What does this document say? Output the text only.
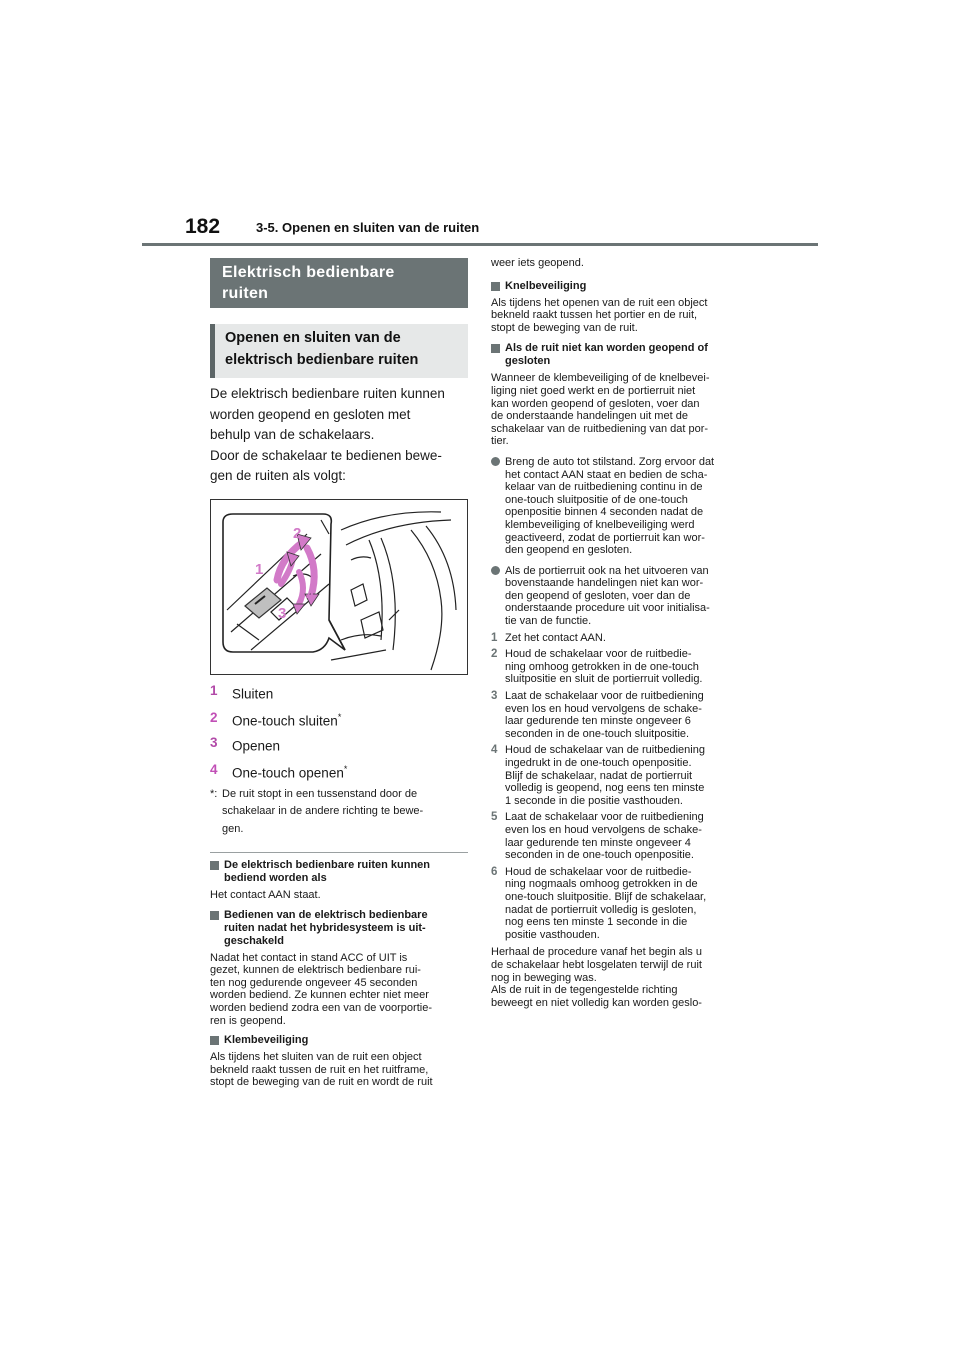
182	3-5. Openen en sluiten van de ruiten
Elektrisch bedienbare
ruiten
Openen en sluiten van de
elektrisch bedienbare ruiten
De elektrisch bedienbare ruiten kunnen
worden geopend en gesloten met
behulp van de schakelaars.
Door de schakelaar te bedienen bewe-
gen de ruiten als volgt:
1
2
3
4
1	Sluiten
2	One-touch sluiten*
3	Openen
4	One-touch openen*
*: De ruit stopt in een tussenstand door de
schakelaar in de andere richting te bewe-
gen.
De elektrisch bedienbare ruiten kunnen
bediend worden als
Het contact AAN staat.
Bedienen van de elektrisch bedienbare
ruiten nadat het hybridesysteem is uit-
geschakeld
Nadat het contact in stand ACC of UIT is
gezet, kunnen de elektrisch bedienbare rui-
ten nog gedurende ongeveer 45 seconden
worden bediend. Ze kunnen echter niet meer
worden bediend zodra een van de voorportie-
ren is geopend.
Klembeveiliging
Als tijdens het sluiten van de ruit een object
bekneld raakt tussen de ruit en het ruitframe,
stopt de beweging van de ruit en wordt de ruit
weer iets geopend.
Knelbeveiliging
Als tijdens het openen van de ruit een object
bekneld raakt tussen het portier en de ruit,
stopt de beweging van de ruit.
Als de ruit niet kan worden geopend of
gesloten
Wanneer de klembeveiliging of de knelbevei-
liging niet goed werkt en de portierruit niet
kan worden geopend of gesloten, voer dan
de onderstaande handelingen uit met de
schakelaar van de ruitbediening van dat por-
tier.
Breng de auto tot stilstand. Zorg ervoor dat
het contact AAN staat en bedien de scha-
kelaar van de ruitbediening continu in de
one-touch sluitpositie of de one-touch
openpositie binnen 4 seconden nadat de
klembeveiliging of knelbeveiliging werd
geactiveerd, zodat de portierruit kan wor-
den geopend en gesloten.
Als de portierruit ook na het uitvoeren van
bovenstaande handelingen niet kan wor-
den geopend of gesloten, voer dan de
onderstaande procedure uit voor initialisa-
tie van de functie.
1 Zet het contact AAN.
2 Houd de schakelaar voor de ruitbedie-
ning omhoog getrokken in de one-touch
sluitpositie en sluit de portierruit volledig.
3 Laat de schakelaar voor de ruitbediening
even los en houd vervolgens de schake-
laar gedurende ten minste ongeveer 6
seconden in de one-touch sluitpositie.
4 Houd de schakelaar van de ruitbediening
ingedrukt in de one-touch openpositie.
Blijf de schakelaar, nadat de portierruit
volledig is geopend, nog eens ten minste
1 seconde in die positie vasthouden.
5 Laat de schakelaar voor de ruitbediening
even los en houd vervolgens de schake-
laar gedurende ten minste ongeveer 4
seconden in de one-touch openpositie.
6 Houd de schakelaar voor de ruitbedie-
ning nogmaals omhoog getrokken in de
one-touch sluitpositie. Blijf de schakelaar,
nadat de portierruit volledig is gesloten,
nog eens ten minste 1 seconde in die
positie vasthouden.
Herhaal de procedure vanaf het begin als u
de schakelaar hebt losgelaten terwijl de ruit
nog in beweging was.
Als de ruit in de tegengestelde richting
beweegt en niet volledig kan worden geslo-
